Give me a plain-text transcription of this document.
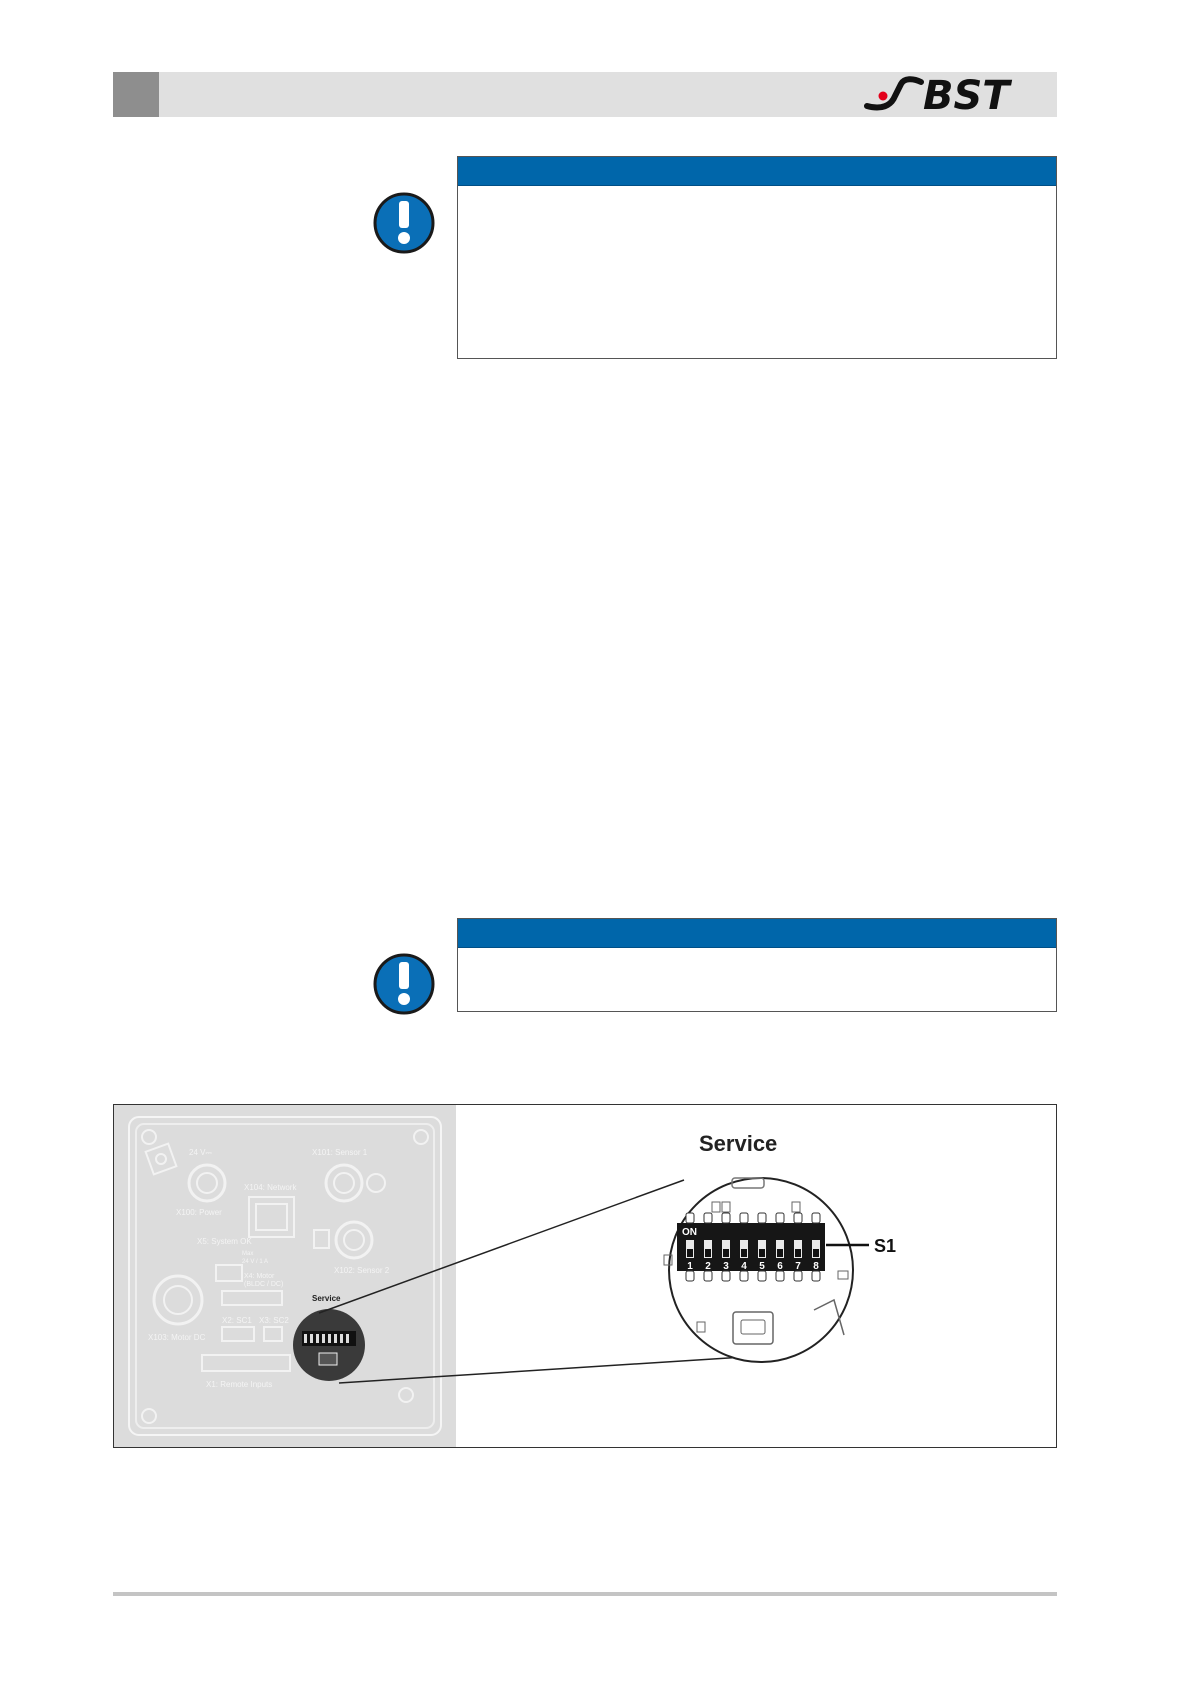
BST
24 V⎓
X100: Power
X104: Network
X101: Sensor 1
X5: System OK
Max
24 V / 1 A
X102: Sensor 2
X4: Motor
(BLDC / DC)
X103: Motor DC
X2: SC1 X3: SC2
X1: Remote Inputs
Service
Service
ON
1 2 3 4 5 6 7 8
S1
